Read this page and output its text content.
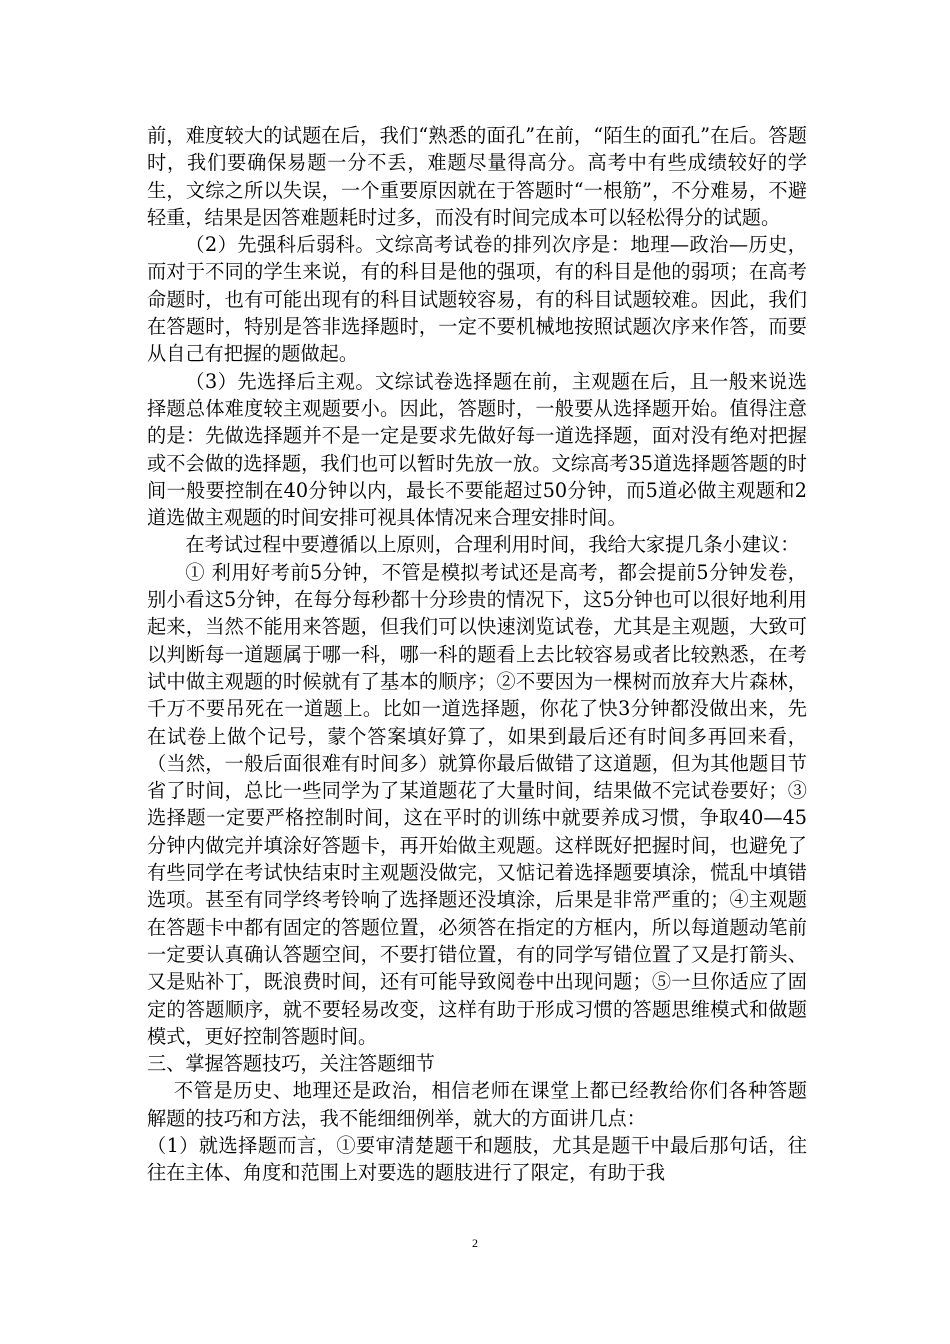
前，难度较大的试题在后，我们“熟悉的面孔”在前，“陌生的面孔”在后。答题时，我们要确保易题一分不丢，难题尽量得高分。高考中有些成绩较好的学生，文综之所以失误，一个重要原因就在于答题时“一根筋”，不分难易，不避轻重，结果是因答难题耗时过多，而没有时间完成本可以轻松得分的试题。

（2）先强科后弱科。文综高考试卷的排列次序是：地理—政治—历史，而对于不同的学生来说，有的科目是他的强项，有的科目是他的弱项；在高考命题时，也有可能出现有的科目试题较容易，有的科目试题较难。因此，我们在答题时，特别是答非选择题时，一定不要机械地按照试题次序来作答，而要从自己有把握的题做起。

（3）先选择后主观。文综试卷选择题在前，主观题在后，且一般来说选择题总体难度较主观题要小。因此，答题时，一般要从选择题开始。值得注意的是：先做选择题并不是一定是要求先做好每一道选择题，面对没有绝对把握或不会做的选择题，我们也可以暂时先放一放。文综高考35道选择题答题的时间一般要控制在40分钟以内，最长不要能超过50分钟，而5道必做主观题和2道选做主观题的时间安排可视具体情况来合理安排时间。

在考试过程中要遵循以上原则，合理利用时间，我给大家提几条小建议：

① 利用好考前5分钟，不管是模拟考试还是高考，都会提前5分钟发卷，别小看这5分钟，在每分每秒都十分珍贵的情况下，这5分钟也可以很好地利用起来，当然不能用来答题，但我们可以快速浏览试卷，尤其是主观题，大致可以判断每一道题属于哪一科，哪一科的题看上去比较容易或者比较熟悉，在考试中做主观题的时候就有了基本的顺序；②不要因为一棵树而放弃大片森林，千万不要吊死在一道题上。比如一道选择题，你花了快3分钟都没做出来，先在试卷上做个记号，蒙个答案填好算了，如果到最后还有时间多再回来看，（当然，一般后面很难有时间多）就算你最后做错了这道题，但为其他题目节省了时间，总比一些同学为了某道题花了大量时间，结果做不完试卷要好；③选择题一定要严格控制时间，这在平时的训练中就要养成习惯，争取40—45分钟内做完并填涂好答题卡，再开始做主观题。这样既好把握时间，也避免了有些同学在考试快结束时主观题没做完，又惦记着选择题要填涂，慌乱中填错选项。甚至有同学终考铃响了选择题还没填涂，后果是非常严重的；④主观题在答题卡中都有固定的答题位置，必须答在指定的方框内，所以每道题动笔前一定要认真确认答题空间，不要打错位置，有的同学写错位置了又是打箭头、又是贴补丁，既浪费时间，还有可能导致阅卷中出现问题；⑤一旦你适应了固定的答题顺序，就不要轻易改变，这样有助于形成习惯的答题思维模式和做题模式，更好控制答题时间。

三、掌握答题技巧，关注答题细节

不管是历史、地理还是政治，相信老师在课堂上都已经教给你们各种答题解题的技巧和方法，我不能细细例举，就大的方面讲几点：

（1）就选择题而言，①要审清楚题干和题肢，尤其是题干中最后那句话，往往在主体、角度和范围上对要选的题肢进行了限定，有助于我

2
